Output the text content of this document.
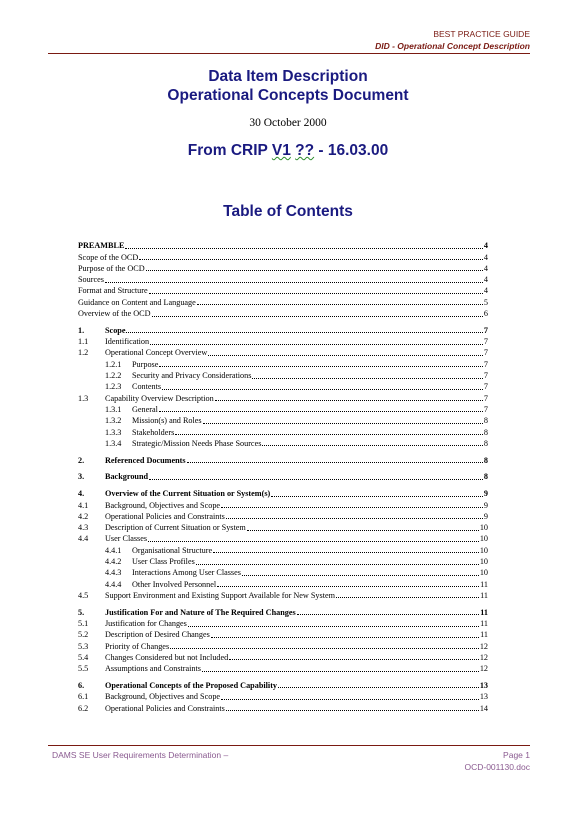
BEST PRACTICE GUIDE
DID - Operational Concept Description
Data Item Description
Operational Concepts Document
30 October 2000
From CRIP V1 ?? - 16.03.00
Table of Contents
PREAMBLE	4
Scope of the OCD	4
Purpose of the OCD	4
Sources	4
Format and Structure	4
Guidance on Content and Language	5
Overview of the OCD	6
1.	Scope	7
1.1	Identification	7
1.2	Operational Concept Overview	7
1.2.1	Purpose	7
1.2.2	Security and Privacy Considerations	7
1.2.3	Contents	7
1.3	Capability Overview Description	7
1.3.1	General	7
1.3.2	Mission(s) and Roles	8
1.3.3	Stakeholders	8
1.3.4	Strategic/Mission Needs Phase Sources	8
2.	Referenced Documents	8
3.	Background	8
4.	Overview of the Current Situation or System(s)	9
4.1	Background, Objectives and Scope	9
4.2	Operational Policies and Constraints	9
4.3	Description of Current Situation or System	10
4.4	User Classes	10
4.4.1	Organisational Structure	10
4.4.2	User Class Profiles	10
4.4.3	Interactions Among User Classes	10
4.4.4	Other Involved Personnel	11
4.5	Support Environment and Existing Support Available for New System	11
5.	Justification For and Nature of The Required Changes	11
5.1	Justification for Changes	11
5.2	Description of Desired Changes	11
5.3	Priority of Changes	12
5.4	Changes Considered but not Included	12
5.5	Assumptions and Constraints	12
6.	Operational Concepts of the Proposed Capability	13
6.1	Background, Objectives and Scope	13
6.2	Operational Policies and Constraints	14
DAMS SE User Requirements Determination –	Page 1
OCD-001130.doc
